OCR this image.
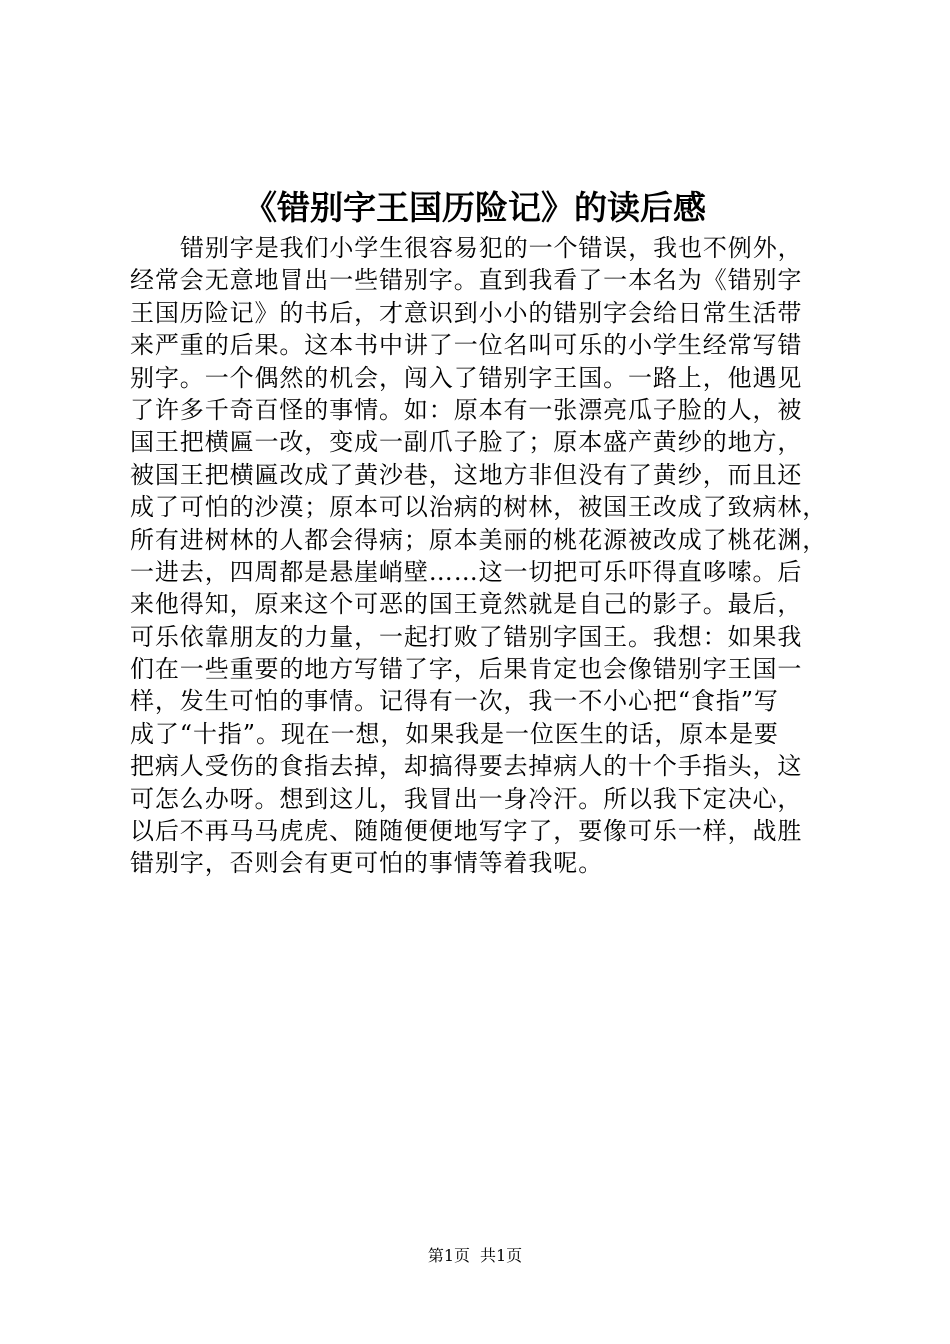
《错别字王国历险记》的读后感
错别字是我们小学生很容易犯的一个错误，我也不例外，
经常会无意地冒出一些错别字。直到我看了一本名为《错别字
王国历险记》的书后，才意识到小小的错别字会给日常生活带
来严重的后果。这本书中讲了一位名叫可乐的小学生经常写错
别字。一个偶然的机会，闯入了错别字王国。一路上，他遇见
了许多千奇百怪的事情。如：原本有一张漂亮瓜子脸的人，被
国王把横匾一改，变成一副爪子脸了；原本盛产黄纱的地方，
被国王把横匾改成了黄沙巷，这地方非但没有了黄纱，而且还
成了可怕的沙漠；原本可以治病的树林，被国王改成了致病林，
所有进树林的人都会得病；原本美丽的桃花源被改成了桃花渊，
一进去，四周都是悬崖峭壁……这一切把可乐吓得直哆嗦。后
来他得知，原来这个可恶的国王竟然就是自己的影子。最后，
可乐依靠朋友的力量，一起打败了错别字国王。我想：如果我
们在一些重要的地方写错了字，后果肯定也会像错别字王国一
样，发生可怕的事情。记得有一次，我一不小心把“食指”写
成了“十指”。现在一想，如果我是一位医生的话，原本是要
把病人受伤的食指去掉，却搞得要去掉病人的十个手指头，这
可怎么办呀。想到这儿，我冒出一身冷汗。所以我下定决心，
以后不再马马虎虎、随随便便地写字了，要像可乐一样，战胜
错别字，否则会有更可怕的事情等着我呢。
第1页 共1页
